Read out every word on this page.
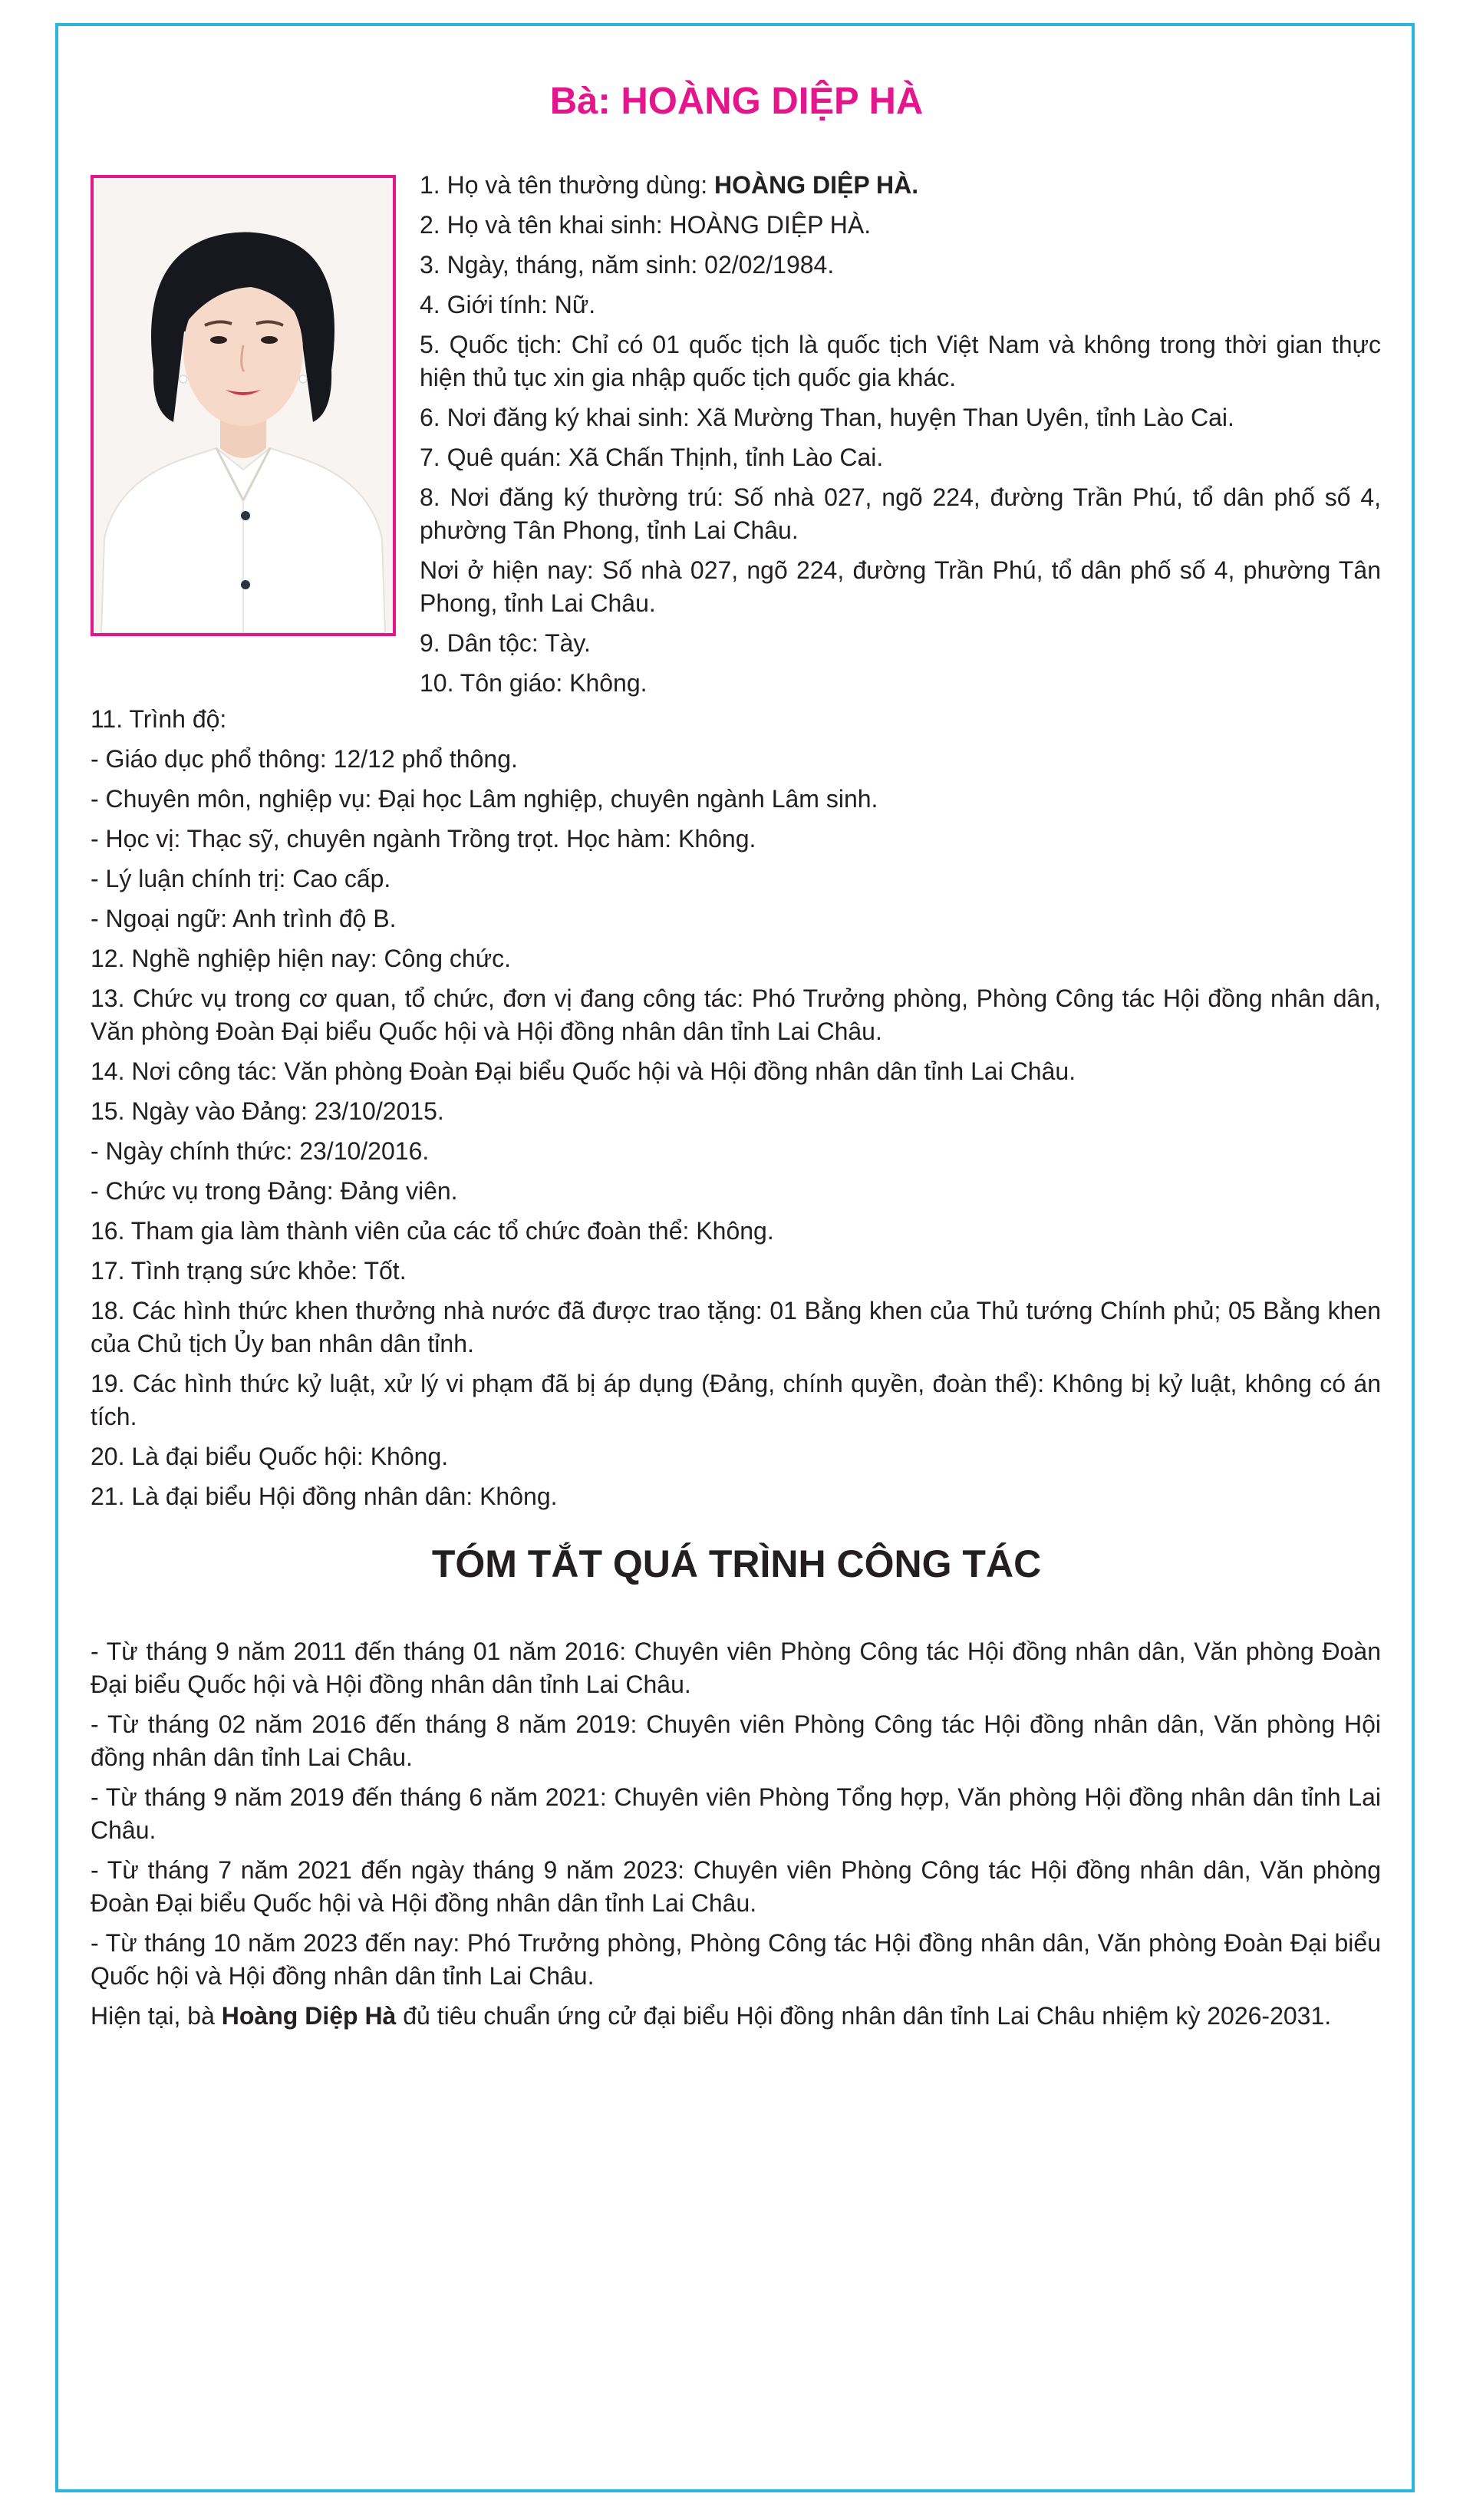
Bà: HOÀNG DIỆP HÀ
1. Họ và tên thường dùng: HOÀNG DIỆP HÀ.
2. Họ và tên khai sinh: HOÀNG DIỆP HÀ.
3. Ngày, tháng, năm sinh: 02/02/1984.
4. Giới tính: Nữ.
5. Quốc tịch: Chỉ có 01 quốc tịch là quốc tịch Việt Nam và không trong thời gian thực hiện thủ tục xin gia nhập quốc tịch quốc gia khác.
6. Nơi đăng ký khai sinh: Xã Mường Than, huyện Than Uyên, tỉnh Lào Cai.
7. Quê quán: Xã Chấn Thịnh, tỉnh Lào Cai.
8. Nơi đăng ký thường trú: Số nhà 027, ngõ 224, đường Trần Phú, tổ dân phố số 4, phường Tân Phong, tỉnh Lai Châu.
Nơi ở hiện nay: Số nhà 027, ngõ 224, đường Trần Phú, tổ dân phố số 4, phường Tân Phong, tỉnh Lai Châu.
9. Dân tộc: Tày.
10. Tôn giáo: Không.
11. Trình độ:
- Giáo dục phổ thông: 12/12 phổ thông.
- Chuyên môn, nghiệp vụ: Đại học Lâm nghiệp, chuyên ngành Lâm sinh.
- Học vị: Thạc sỹ, chuyên ngành Trồng trọt. Học hàm: Không.
- Lý luận chính trị: Cao cấp.
- Ngoại ngữ: Anh trình độ B.
12. Nghề nghiệp hiện nay: Công chức.
13. Chức vụ trong cơ quan, tổ chức, đơn vị đang công tác: Phó Trưởng phòng, Phòng Công tác Hội đồng nhân dân, Văn phòng Đoàn Đại biểu Quốc hội và Hội đồng nhân dân tỉnh Lai Châu.
14. Nơi công tác: Văn phòng Đoàn Đại biểu Quốc hội và Hội đồng nhân dân tỉnh Lai Châu.
15. Ngày vào Đảng: 23/10/2015.
- Ngày chính thức: 23/10/2016.
- Chức vụ trong Đảng: Đảng viên.
16. Tham gia làm thành viên của các tổ chức đoàn thể: Không.
17. Tình trạng sức khỏe: Tốt.
18. Các hình thức khen thưởng nhà nước đã được trao tặng: 01 Bằng khen của Thủ tướng Chính phủ; 05 Bằng khen của Chủ tịch Ủy ban nhân dân tỉnh.
19. Các hình thức kỷ luật, xử lý vi phạm đã bị áp dụng (Đảng, chính quyền, đoàn thể): Không bị kỷ luật, không có án tích.
20. Là đại biểu Quốc hội: Không.
21. Là đại biểu Hội đồng nhân dân: Không.
TÓM TẮT QUÁ TRÌNH CÔNG TÁC
- Từ tháng 9 năm 2011 đến tháng 01 năm 2016: Chuyên viên Phòng Công tác Hội đồng nhân dân, Văn phòng Đoàn Đại biểu Quốc hội và Hội đồng nhân dân tỉnh Lai Châu.
- Từ tháng 02 năm 2016 đến tháng 8 năm 2019: Chuyên viên Phòng Công tác Hội đồng nhân dân, Văn phòng Hội đồng nhân dân tỉnh Lai Châu.
- Từ tháng 9 năm 2019 đến tháng 6 năm 2021: Chuyên viên Phòng Tổng hợp, Văn phòng Hội đồng nhân dân tỉnh Lai Châu.
- Từ tháng 7 năm 2021 đến ngày tháng 9 năm 2023: Chuyên viên Phòng Công tác Hội đồng nhân dân, Văn phòng Đoàn Đại biểu Quốc hội và Hội đồng nhân dân tỉnh Lai Châu.
- Từ tháng 10 năm 2023 đến nay: Phó Trưởng phòng, Phòng Công tác Hội đồng nhân dân, Văn phòng Đoàn Đại biểu Quốc hội và Hội đồng nhân dân tỉnh Lai Châu.
Hiện tại, bà Hoàng Diệp Hà đủ tiêu chuẩn ứng cử đại biểu Hội đồng nhân dân tỉnh Lai Châu nhiệm kỳ 2026-2031.
